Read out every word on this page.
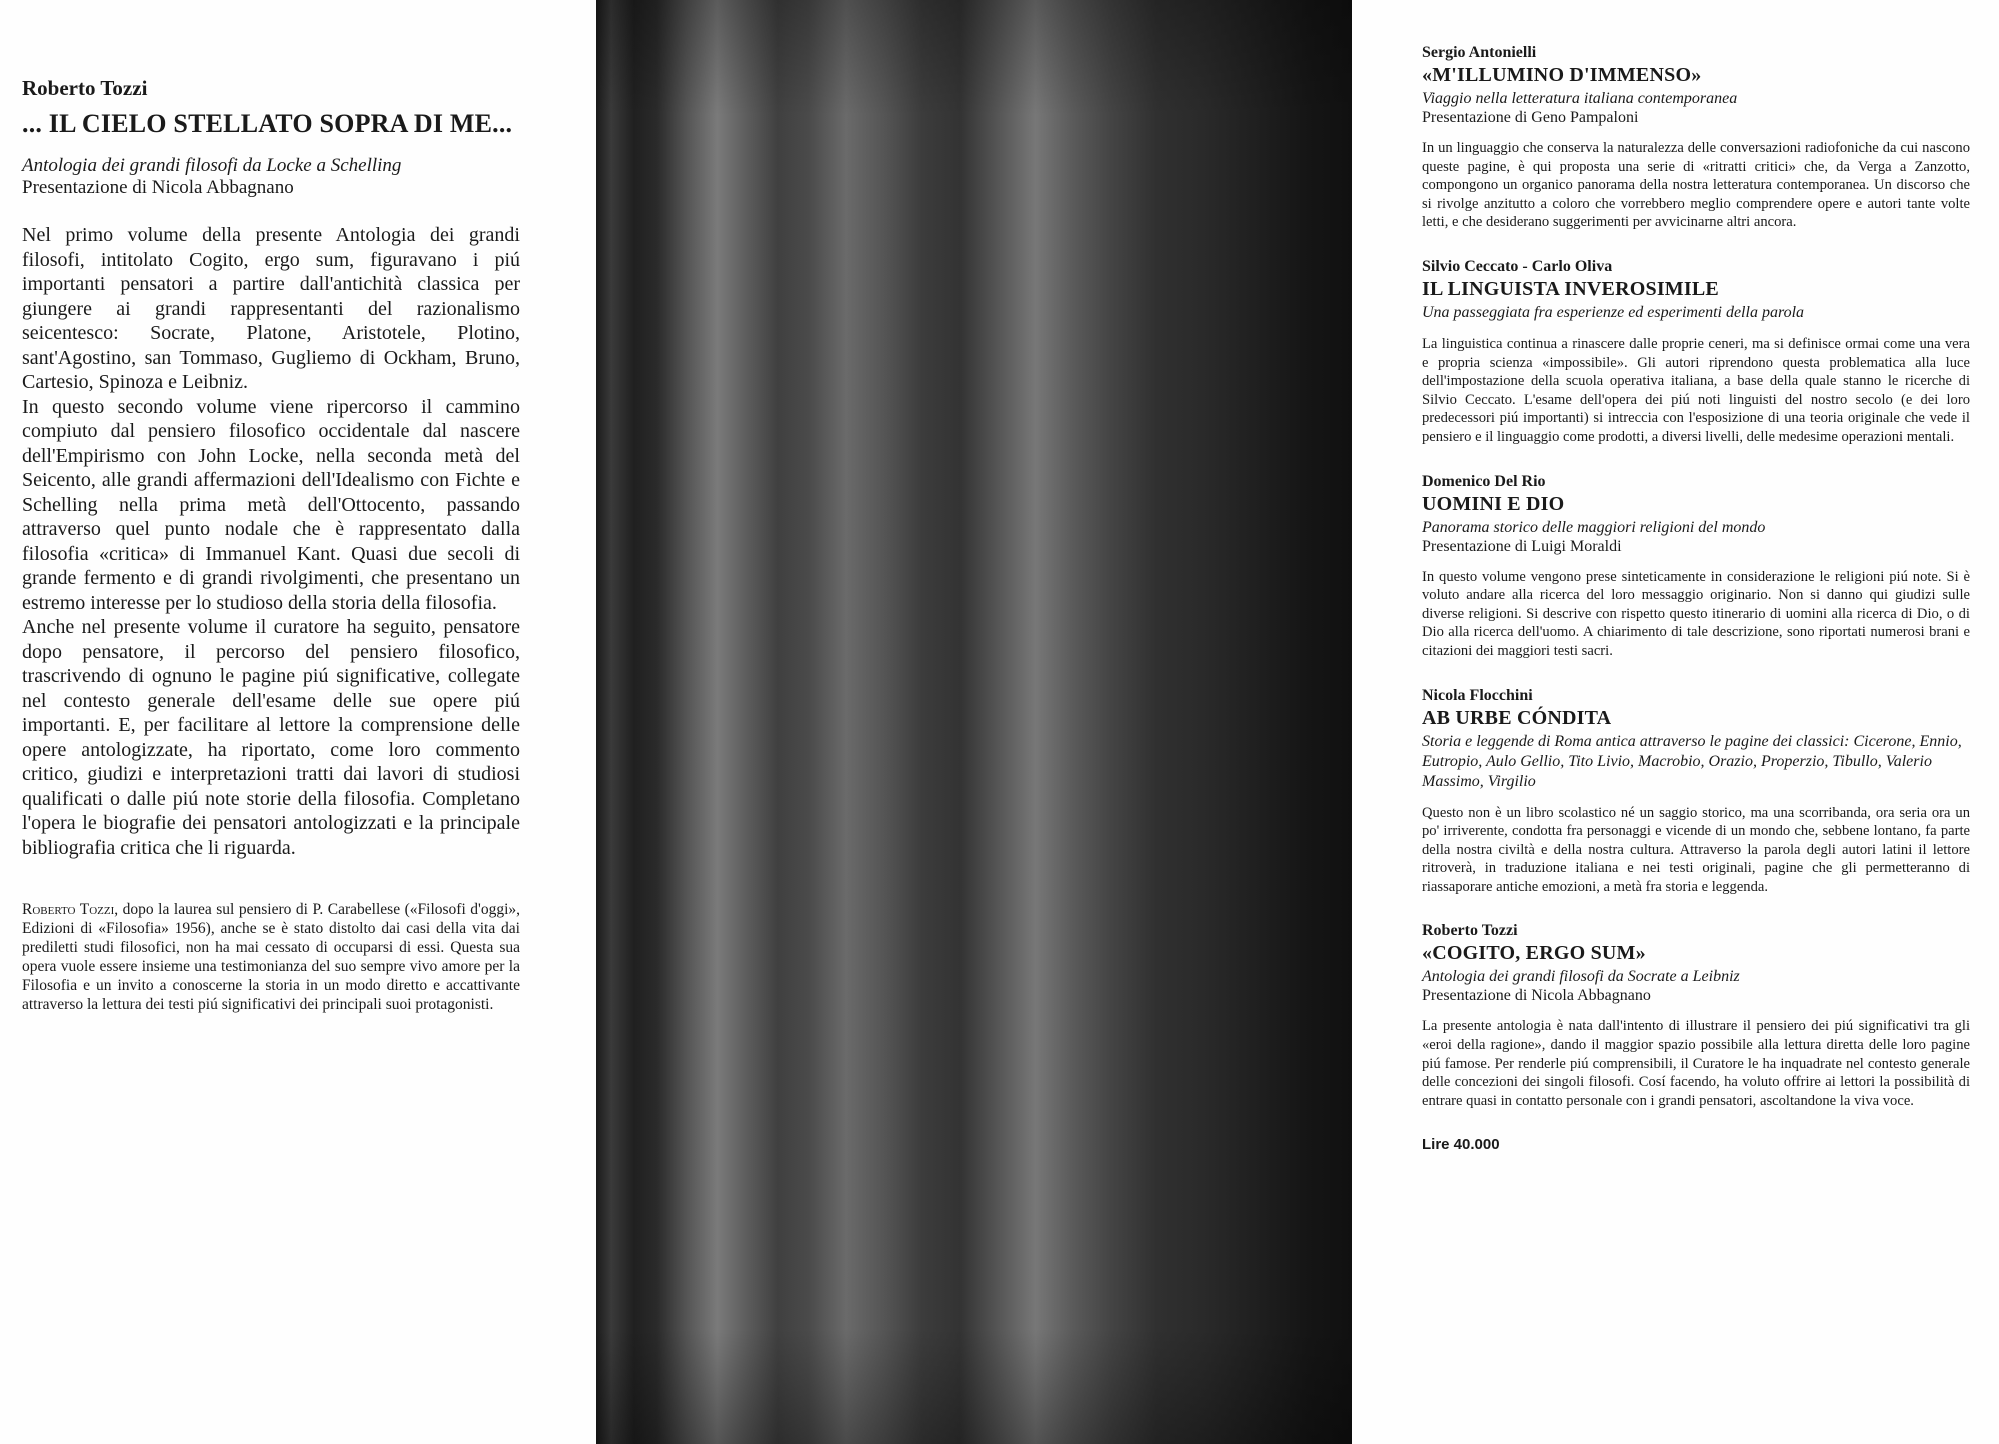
Roberto Tozzi
... IL CIELO STELLATO SOPRA DI ME...
Antologia dei grandi filosofi da Locke a Schelling
Presentazione di Nicola Abbagnano

Nel primo volume della presente Antologia dei grandi filosofi, intitolato Cogito, ergo sum, figuravano i piú importanti pensatori a partire dall'antichità classica per giungere ai grandi rappresentanti del razionalismo seicentesco: Socrate, Platone, Aristotele, Plotino, sant'Agostino, san Tommaso, Gugliemo di Ockham, Bruno, Cartesio, Spinoza e Leibniz.

In questo secondo volume viene ripercorso il cammino compiuto dal pensiero filosofico occidentale dal nascere dell'Empirismo con John Locke, nella seconda metà del Seicento, alle grandi affermazioni dell'Idealismo con Fichte e Schelling nella prima metà dell'Ottocento, passando attraverso quel punto nodale che è rappresentato dalla filosofia «critica» di Immanuel Kant. Quasi due secoli di grande fermento e di grandi rivolgimenti, che presentano un estremo interesse per lo studioso della storia della filosofia.

Anche nel presente volume il curatore ha seguito, pensatore dopo pensatore, il percorso del pensiero filosofico, trascrivendo di ognuno le pagine piú significative, collegate nel contesto generale dell'esame delle sue opere piú importanti. E, per facilitare al lettore la comprensione delle opere antologizzate, ha riportato, come loro commento critico, giudizi e interpretazioni tratti dai lavori di studiosi qualificati o dalle piú note storie della filosofia. Completano l'opera le biografie dei pensatori antologizzati e la principale bibliografia critica che li riguarda.

Roberto Tozzi, dopo la laurea sul pensiero di P. Carabellese («Filosofi d'oggi», Edizioni di «Filosofia» 1956), anche se è stato distolto dai casi della vita dai prediletti studi filosofici, non ha mai cessato di occuparsi di essi. Questa sua opera vuole essere insieme una testimonianza del suo sempre vivo amore per la Filosofia e un invito a conoscerne la storia in un modo diretto e accattivante attraverso la lettura dei testi piú significativi dei principali suoi protagonisti.
Sergio Antonielli
«M'ILLUMINO D'IMMENSO»
Viaggio nella letteratura italiana contemporanea
Presentazione di Geno Pampaloni
In un linguaggio che conserva la naturalezza delle conversazioni radiofoniche da cui nascono queste pagine, è qui proposta una serie di «ritratti critici» che, da Verga a Zanzotto, compongono un organico panorama della nostra letteratura contemporanea. Un discorso che si rivolge anzitutto a coloro che vorrebbero meglio comprendere opere e autori tante volte letti, e che desiderano suggerimenti per avvicinarne altri ancora.
Silvio Ceccato - Carlo Oliva
IL LINGUISTA INVEROSIMILE
Una passeggiata fra esperienze ed esperimenti della parola
La linguistica continua a rinascere dalle proprie ceneri, ma si definisce ormai come una vera e propria scienza «impossibile». Gli autori riprendono questa problematica alla luce dell'impostazione della scuola operativa italiana, a base della quale stanno le ricerche di Silvio Ceccato. L'esame dell'opera dei piú noti linguisti del nostro secolo (e dei loro predecessori piú importanti) si intreccia con l'esposizione di una teoria originale che vede il pensiero e il linguaggio come prodotti, a diversi livelli, delle medesime operazioni mentali.
Domenico Del Rio
UOMINI E DIO
Panorama storico delle maggiori religioni del mondo
Presentazione di Luigi Moraldi
In questo volume vengono prese sinteticamente in considerazione le religioni piú note. Si è voluto andare alla ricerca del loro messaggio originario. Non si danno qui giudizi sulle diverse religioni. Si descrive con rispetto questo itinerario di uomini alla ricerca di Dio, o di Dio alla ricerca dell'uomo. A chiarimento di tale descrizione, sono riportati numerosi brani e citazioni dei maggiori testi sacri.
Nicola Flocchini
AB URBE CÓNDITA
Storia e leggende di Roma antica attraverso le pagine dei classici: Cicerone, Ennio, Eutropio, Aulo Gellio, Tito Livio, Macrobio, Orazio, Properzio, Tibullo, Valerio Massimo, Virgilio
Questo non è un libro scolastico né un saggio storico, ma una scorribanda, ora seria ora un po' irriverente, condotta fra personaggi e vicende di un mondo che, sebbene lontano, fa parte della nostra civiltà e della nostra cultura. Attraverso la parola degli autori latini il lettore ritroverà, in traduzione italiana e nei testi originali, pagine che gli permetteranno di riassaporare antiche emozioni, a metà fra storia e leggenda.
Roberto Tozzi
«COGITO, ERGO SUM»
Antologia dei grandi filosofi da Socrate a Leibniz
Presentazione di Nicola Abbagnano
La presente antologia è nata dall'intento di illustrare il pensiero dei piú significativi tra gli «eroi della ragione», dando il maggior spazio possibile alla lettura diretta delle loro pagine piú famose. Per renderle piú comprensibili, il Curatore le ha inquadrate nel contesto generale delle concezioni dei singoli filosofi. Cosí facendo, ha voluto offrire ai lettori la possibilità di entrare quasi in contatto personale con i grandi pensatori, ascoltandone la viva voce.
Lire 40.000
